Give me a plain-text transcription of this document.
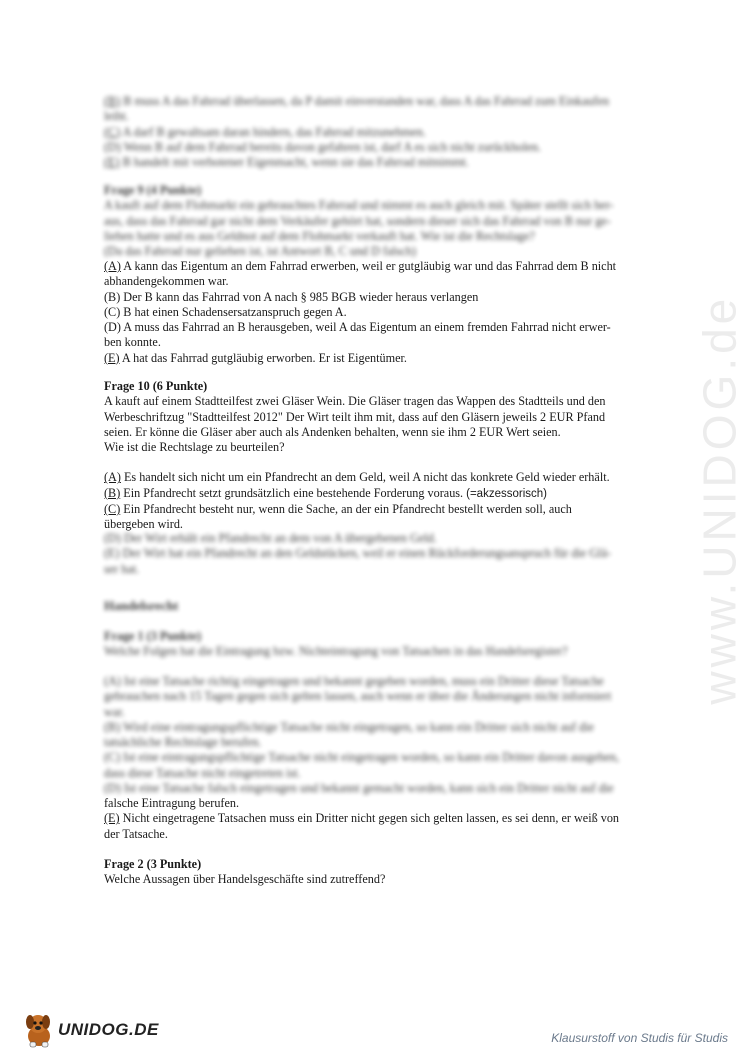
www.UNIDOG.de
(B) B muss A das Fahrrad überlassen, da P damit einverstanden war, dass A das Fahrrad zum Einkaufen
leiht.
(C) A darf B gewaltsam daran hindern, das Fahrrad mitzunehmen.
(D) Wenn B auf dem Fahrrad bereits davon gefahren ist, darf A es sich nicht zurückholen.
(E) B handelt mit verbotener Eigenmacht, wenn sie das Fahrrad mitnimmt.
Frage 9 (4 Punkte)
A kauft auf dem Flohmarkt ein gebrauchtes Fahrrad und nimmt es auch gleich mit. Später stellt sich her-
aus, dass das Fahrrad gar nicht dem Verkäufer gehört hat, sondern dieser sich das Fahrrad von B nur ge-
liehen hatte und es aus Geldnot auf dem Flohmarkt verkauft hat. Wie ist die Rechtslage?
(Da das Fahrrad nur geliehen ist, ist Antwort B, C und D falsch)
(A) A kann das Eigentum an dem Fahrrad erwerben, weil er gutgläubig war und das Fahrrad dem B nicht
abhandengekommen war.
(B) Der B kann das Fahrrad von A nach § 985 BGB wieder heraus verlangen
(C) B hat einen Schadensersatzanspruch gegen A.
(D) A muss das Fahrrad an B herausgeben, weil A das Eigentum an einem fremden Fahrrad nicht erwer-
ben konnte.
(E) A hat das Fahrrad gutgläubig erworben. Er ist Eigentümer.
Frage 10 (6 Punkte)
A kauft auf einem Stadtteilfest zwei Gläser Wein. Die Gläser tragen das Wappen des Stadtteils und den
Werbeschriftzug "Stadtteilfest 2012" Der Wirt teilt ihm mit, dass auf den Gläsern jeweils 2 EUR Pfand
seien. Er könne die Gläser aber auch als Andenken behalten, wenn sie ihm 2 EUR Wert seien.
Wie ist die Rechtslage zu beurteilen?
(A) Es handelt sich nicht um ein Pfandrecht an dem Geld, weil A nicht das konkrete Geld wieder erhält.
(B) Ein Pfandrecht setzt grundsätzlich eine bestehende Forderung voraus. (=akzessorisch)
(C) Ein Pfandrecht besteht nur, wenn die Sache, an der ein Pfandrecht bestellt werden soll, auch
übergeben wird.
(D) Der Wirt erhält ein Pfandrecht an dem von A übergebenen Geld.
(E) Der Wirt hat ein Pfandrecht an den Geldstücken, weil er einen Rückforderungsanspruch für die Glä-
ser hat.
Handelsrecht
Frage 1 (3 Punkte)
Welche Folgen hat die Eintragung bzw. Nichteintragung von Tatsachen in das Handelsregister?
(A) Ist eine Tatsache richtig eingetragen und bekannt gegeben worden, muss ein Dritter diese Tatsache
gebrauchen nach 15 Tagen gegen sich gelten lassen, auch wenn er über die Änderungen nicht informiert
war.
(B) Wird eine eintragungspflichtige Tatsache nicht eingetragen, so kann ein Dritter sich nicht auf die
tatsächliche Rechtslage berufen.
(C) Ist eine eintragungspflichtige Tatsache nicht eingetragen worden, so kann ein Dritter davon ausgehen,
dass diese Tatsache nicht eingetreten ist.
(D) Ist eine Tatsache falsch eingetragen und bekannt gemacht worden, kann sich ein Dritter nicht auf die
falsche Eintragung berufen.
(E) Nicht eingetragene Tatsachen muss ein Dritter nicht gegen sich gelten lassen, es sei denn, er weiß von
der Tatsache.
Frage 2 (3 Punkte)
Welche Aussagen über Handelsgeschäfte sind zutreffend?
UNIDOG.DE	Klausurstoff von Studis für Studis
